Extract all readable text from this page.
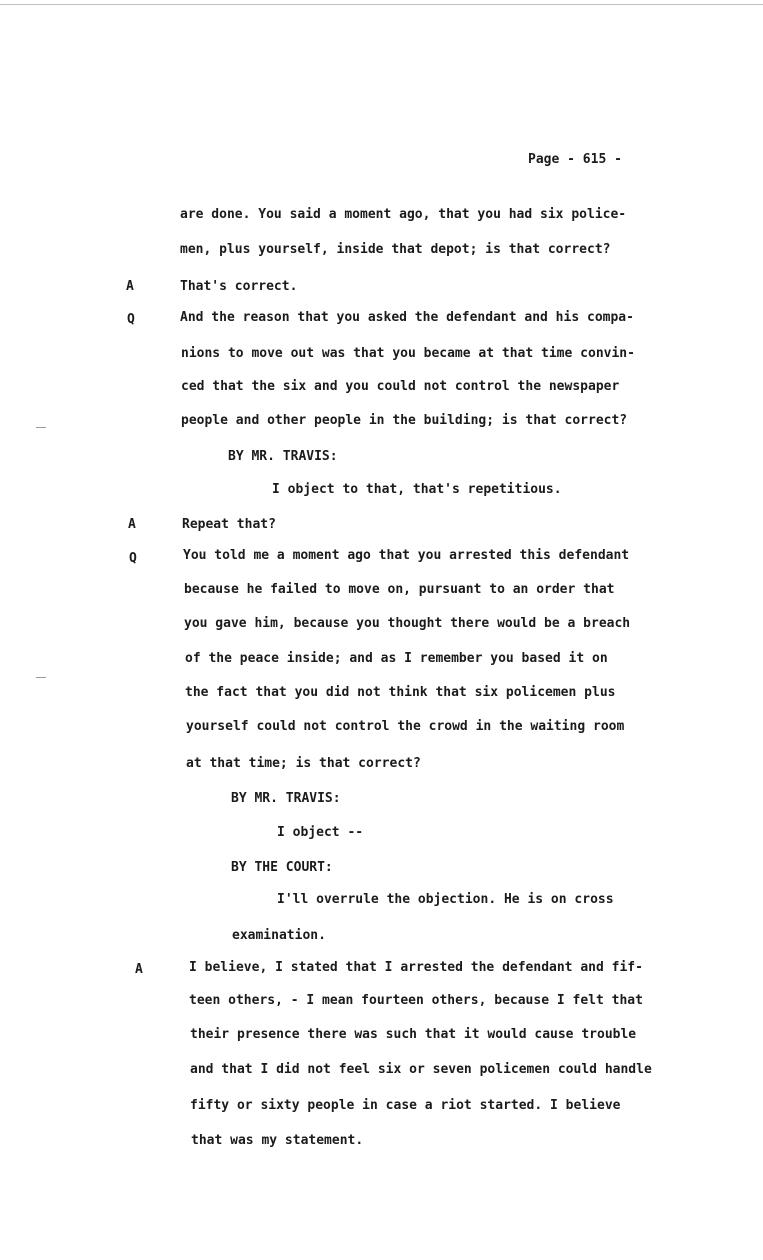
Page - 615 -
A
Q
A
Q
A
are done. You said a moment ago, that you had six police-
men, plus yourself, inside that depot; is that correct?
That's correct.
And the reason that you asked the defendant and his compa-
nions to move out was that you became at that time convin-
ced that the six and you could not control the newspaper
people and other people in the building; is that correct?
BY MR. TRAVIS:
I object to that, that's repetitious.
Repeat that?
You told me a moment ago that you arrested this defendant
because he failed to move on, pursuant to an order that
you gave him, because you thought there would be a breach
of the peace inside; and as I remember you based it on
the fact that you did not think that six policemen plus
yourself could not control the crowd in the waiting room
at that time; is that correct?
BY MR. TRAVIS:
I object --
BY THE COURT:
I'll overrule the objection. He is on cross
examination.
I believe, I stated that I arrested the defendant and fif-
teen others, - I mean fourteen others, because I felt that
their presence there was such that it would cause trouble
and that I did not feel six or seven policemen could handle
fifty or sixty people in case a riot started. I believe
that was my statement.
